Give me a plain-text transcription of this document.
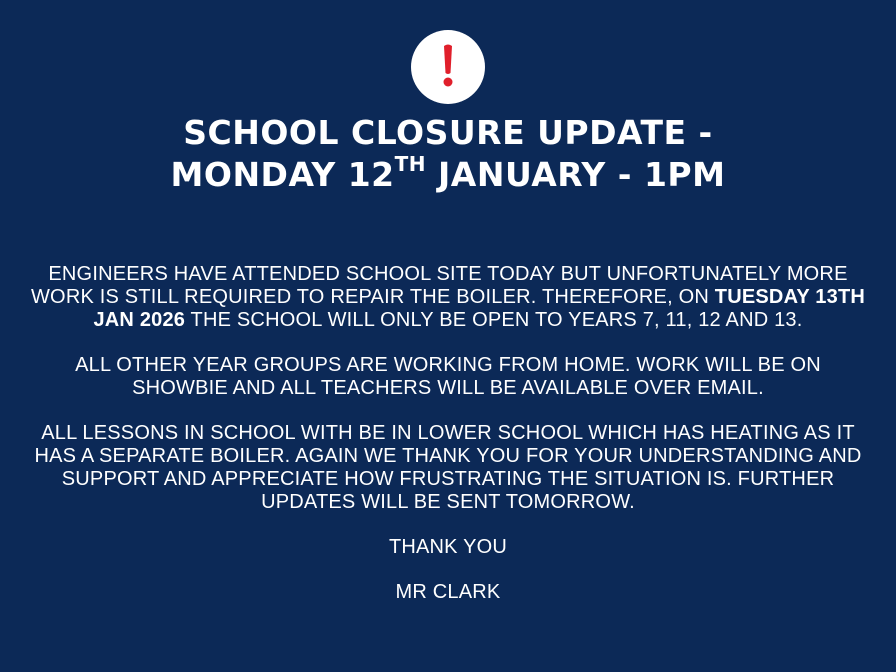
SCHOOL CLOSURE UPDATE -
MONDAY 12TH JANUARY - 1PM

ENGINEERS HAVE ATTENDED SCHOOL SITE TODAY BUT UNFORTUNATELY MORE WORK IS STILL REQUIRED TO REPAIR THE BOILER. THEREFORE, ON TUESDAY 13TH JAN 2026 THE SCHOOL WILL ONLY BE OPEN TO YEARS 7, 11, 12 AND 13.

ALL OTHER YEAR GROUPS ARE WORKING FROM HOME. WORK WILL BE ON SHOWBIE AND ALL TEACHERS WILL BE AVAILABLE OVER EMAIL.

ALL LESSONS IN SCHOOL WITH BE IN LOWER SCHOOL WHICH HAS HEATING AS IT HAS A SEPARATE BOILER. AGAIN WE THANK YOU FOR YOUR UNDERSTANDING AND SUPPORT AND APPRECIATE HOW FRUSTRATING THE SITUATION IS. FURTHER UPDATES WILL BE SENT TOMORROW.

THANK YOU

MR CLARK
